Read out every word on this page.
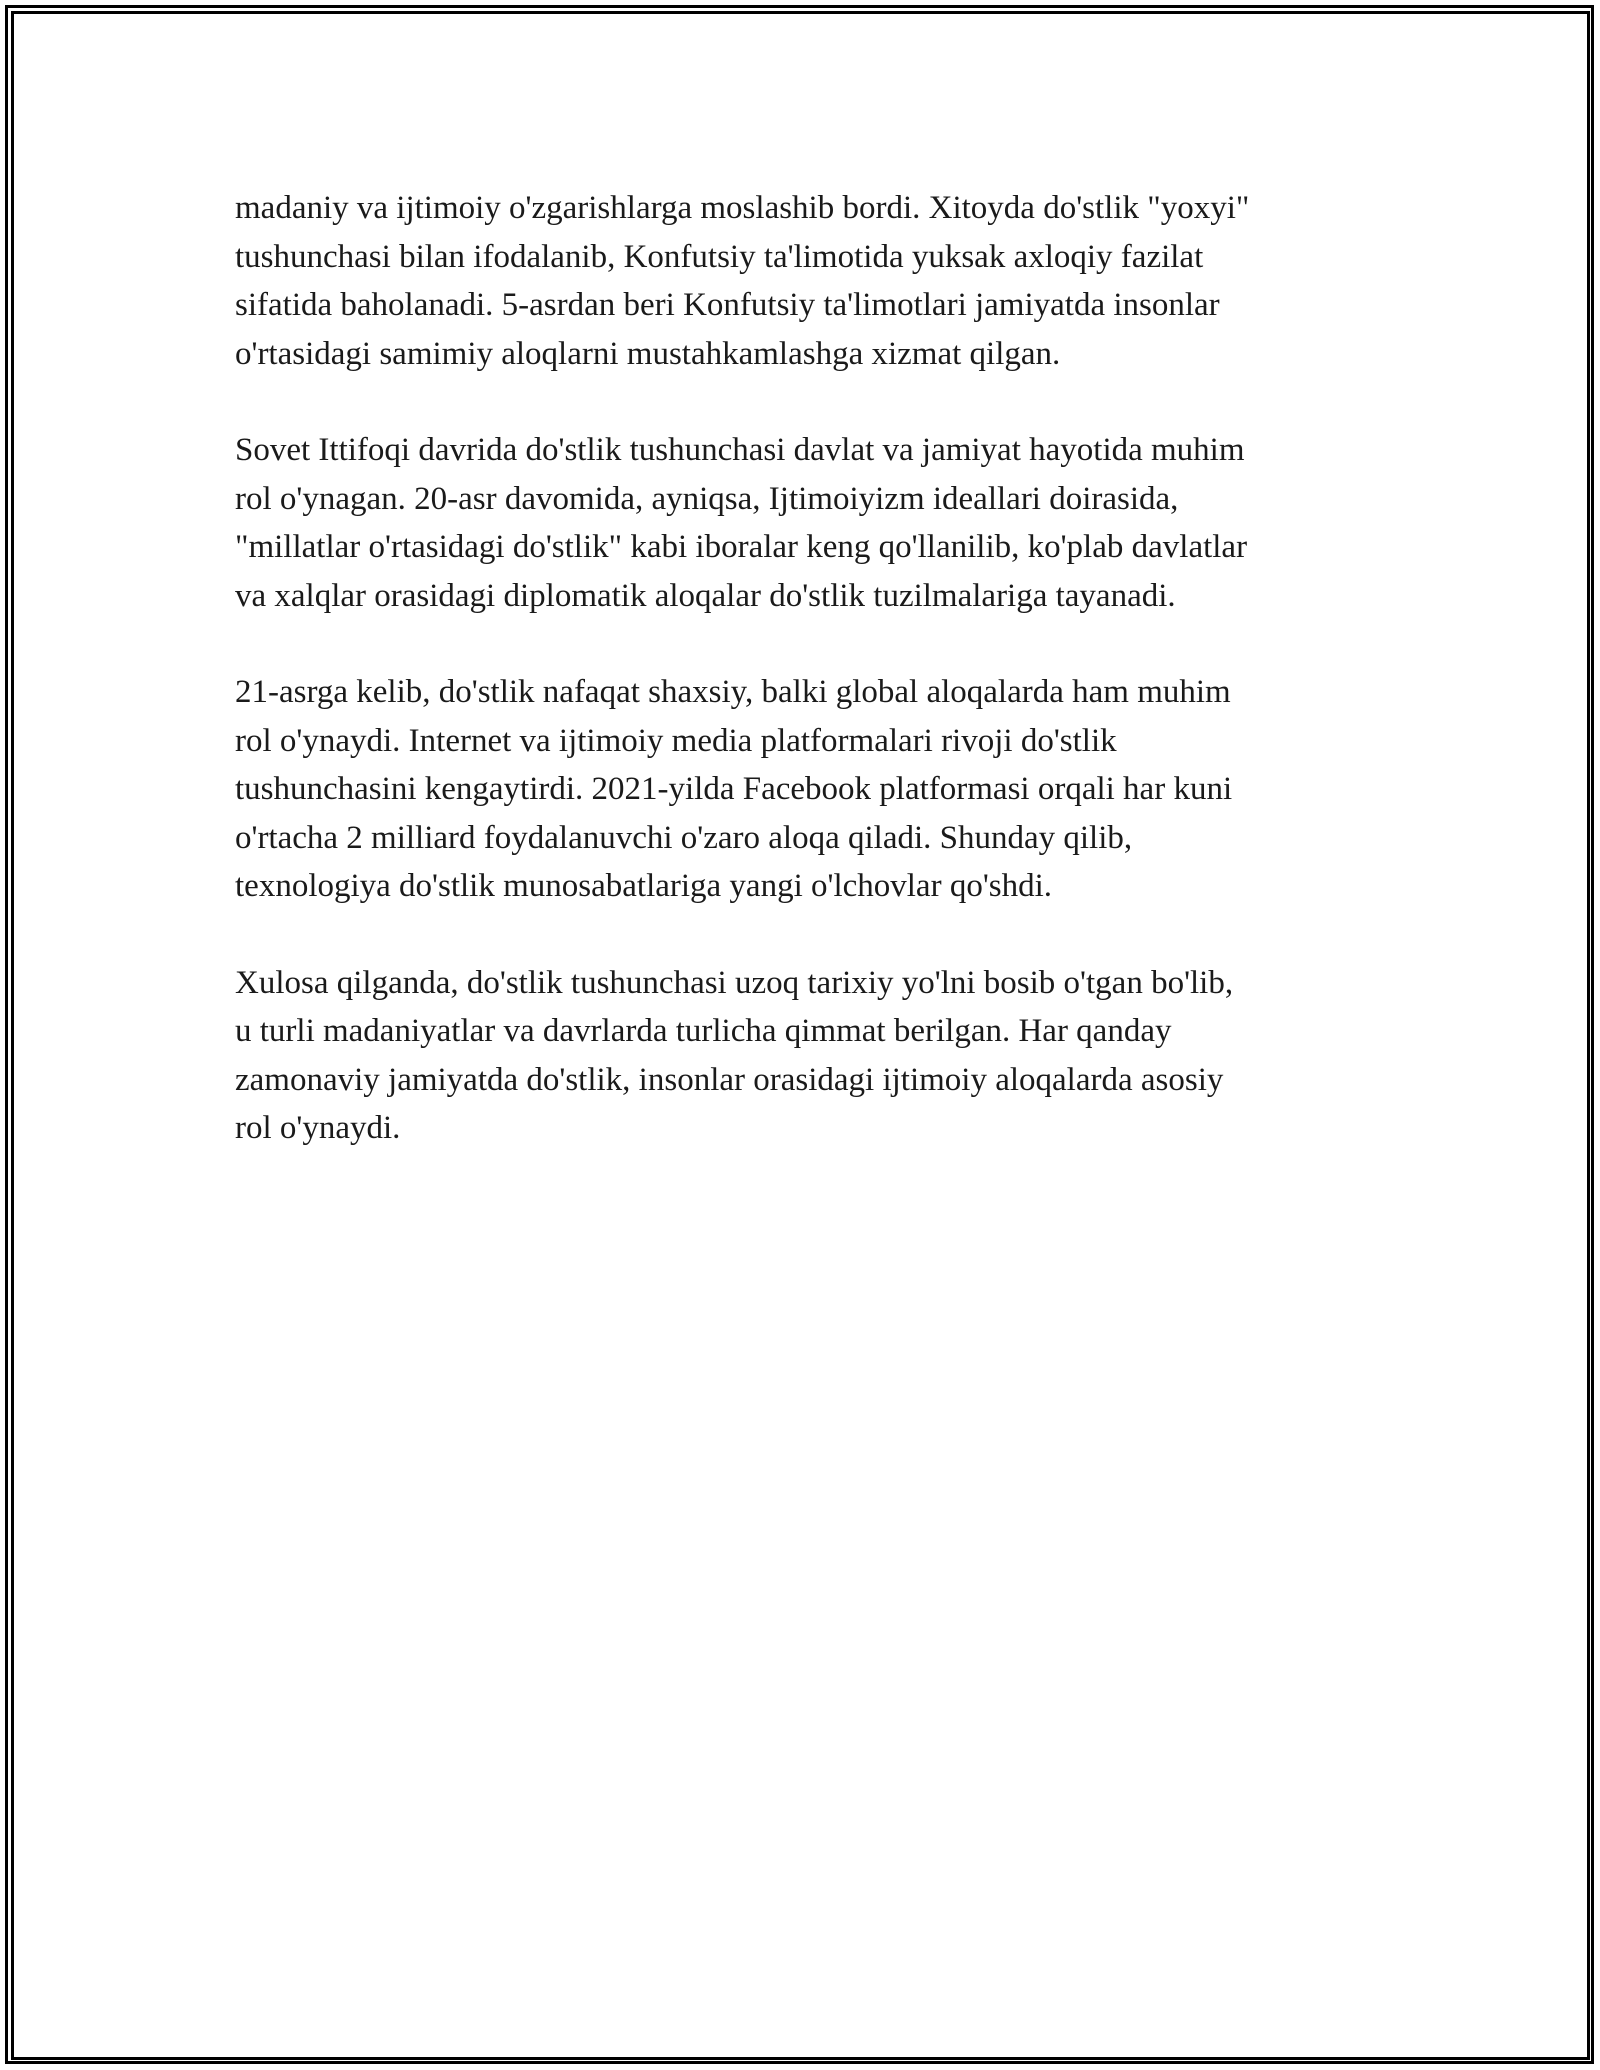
madaniy va ijtimoiy o'zgarishlarga moslashib bordi. Xitoyda do'stlik "yoxyi"
tushunchasi bilan ifodalanib, Konfutsiy ta'limotida yuksak axloqiy fazilat
sifatida baholanadi. 5-asrdan beri Konfutsiy ta'limotlari jamiyatda insonlar
o'rtasidagi samimiy aloqlarni mustahkamlashga xizmat qilgan.

Sovet Ittifoqi davrida do'stlik tushunchasi davlat va jamiyat hayotida muhim
rol o'ynagan. 20-asr davomida, ayniqsa, Ijtimoiyizm ideallari doirasida,
"millatlar o'rtasidagi do'stlik" kabi iboralar keng qo'llanilib, ko'plab davlatlar
va xalqlar orasidagi diplomatik aloqalar do'stlik tuzilmalariga tayanadi.

21-asrga kelib, do'stlik nafaqat shaxsiy, balki global aloqalarda ham muhim
rol o'ynaydi. Internet va ijtimoiy media platformalari rivoji do'stlik
tushunchasini kengaytirdi. 2021-yilda Facebook platformasi orqali har kuni
o'rtacha 2 milliard foydalanuvchi o'zaro aloqa qiladi. Shunday qilib,
texnologiya do'stlik munosabatlariga yangi o'lchovlar qo'shdi.

Xulosa qilganda, do'stlik tushunchasi uzoq tarixiy yo'lni bosib o'tgan bo'lib,
u turli madaniyatlar va davrlarda turlicha qimmat berilgan. Har qanday
zamonaviy jamiyatda do'stlik, insonlar orasidagi ijtimoiy aloqalarda asosiy
rol o'ynaydi.
